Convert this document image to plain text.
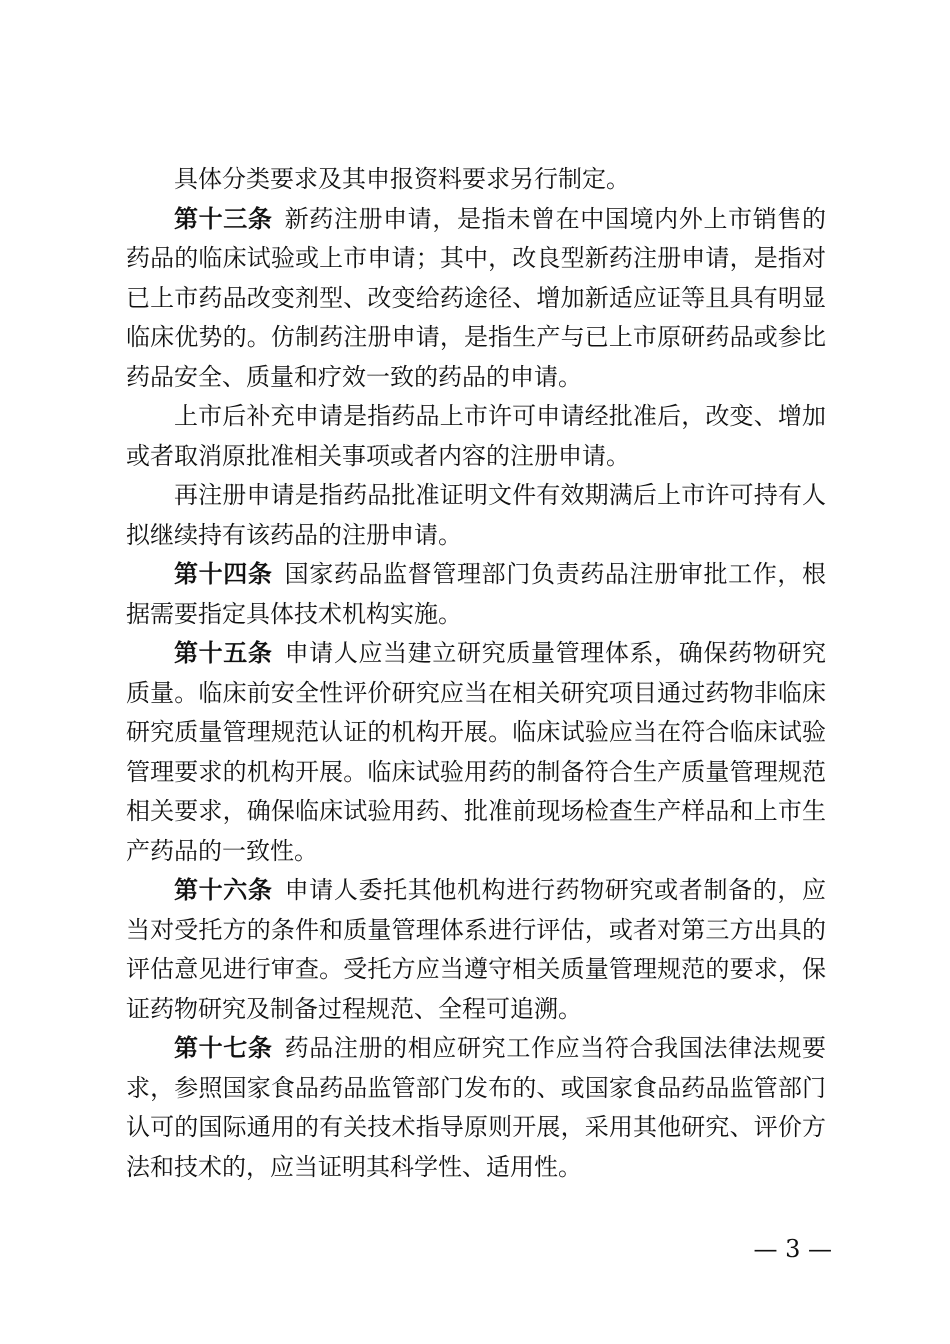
具体分类要求及其申报资料要求另行制定。

第十三条 新药注册申请，是指未曾在中国境内外上市销售的药品的临床试验或上市申请；其中，改良型新药注册申请，是指对已上市药品改变剂型、改变给药途径、增加新适应证等且具有明显临床优势的。仿制药注册申请，是指生产与已上市原研药品或参比药品安全、质量和疗效一致的药品的申请。

上市后补充申请是指药品上市许可申请经批准后，改变、增加或者取消原批准相关事项或者内容的注册申请。

再注册申请是指药品批准证明文件有效期满后上市许可持有人拟继续持有该药品的注册申请。

第十四条 国家药品监督管理部门负责药品注册审批工作，根据需要指定具体技术机构实施。

第十五条 申请人应当建立研究质量管理体系，确保药物研究质量。临床前安全性评价研究应当在相关研究项目通过药物非临床研究质量管理规范认证的机构开展。临床试验应当在符合临床试验管理要求的机构开展。临床试验用药的制备符合生产质量管理规范相关要求，确保临床试验用药、批准前现场检查生产样品和上市生产药品的一致性。

第十六条 申请人委托其他机构进行药物研究或者制备的，应当对受托方的条件和质量管理体系进行评估，或者对第三方出具的评估意见进行审查。受托方应当遵守相关质量管理规范的要求，保证药物研究及制备过程规范、全程可追溯。

第十七条 药品注册的相应研究工作应当符合我国法律法规要求，参照国家食品药品监管部门发布的、或国家食品药品监管部门认可的国际通用的有关技术指导原则开展，采用其他研究、评价方法和技术的，应当证明其科学性、适用性。

— 3 —
